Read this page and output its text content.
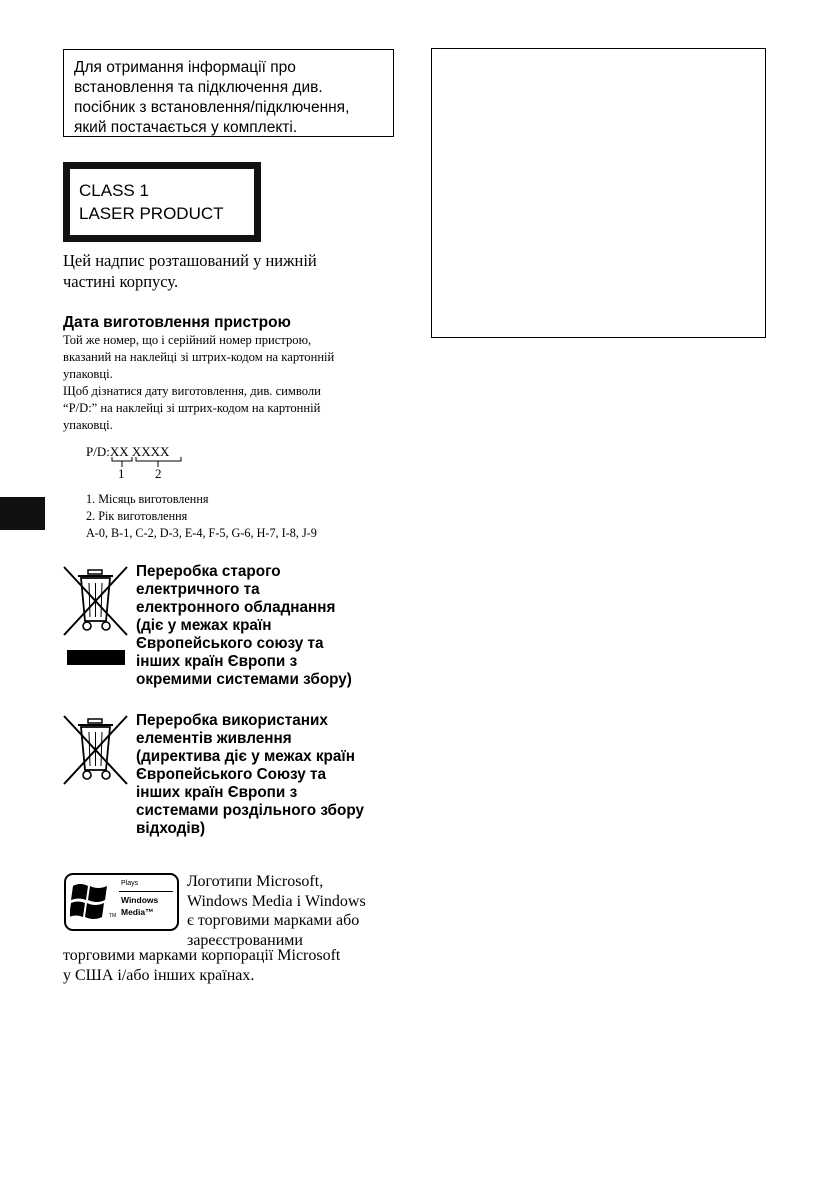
Для отримання інформації про
встановлення та підключення див.
посібник з встановлення/підключення,
який постачається у комплекті.
CLASS 1
LASER PRODUCT
Цей надпис розташований у нижній
частині корпусу.
Дата виготовлення пристрою
Той же номер, що і серійний номер пристрою,
вказаний на наклейці зі штрих-кодом на картонній
упаковці.
Щоб дізнатися дату виготовлення, див. символи
“P/D:” на наклейці зі штрих-кодом на картонній
упаковці.
P/D:XX XXXX
1 2
1. Місяць виготовлення
2. Рік виготовлення
A-0, B-1, C-2, D-3, E-4, F-5, G-6, H-7, I-8, J-9
Переробка старого
електричного та
електронного обладнання
(діє у межах країн
Європейського союзу та
інших країн Європи з
окремими системами збору)
Переробка використаних
елементів живлення
(директива діє у межах країн
Європейського Союзу та
інших країн Європи з
системами роздільного збору
відходів)
Plays
Windows
Media™
TM
Логотипи Microsoft,
Windows Media і Windows
є торговими марками або
зареєстрованими
торговими марками корпорації Microsoft
у США і/або інших країнах.
